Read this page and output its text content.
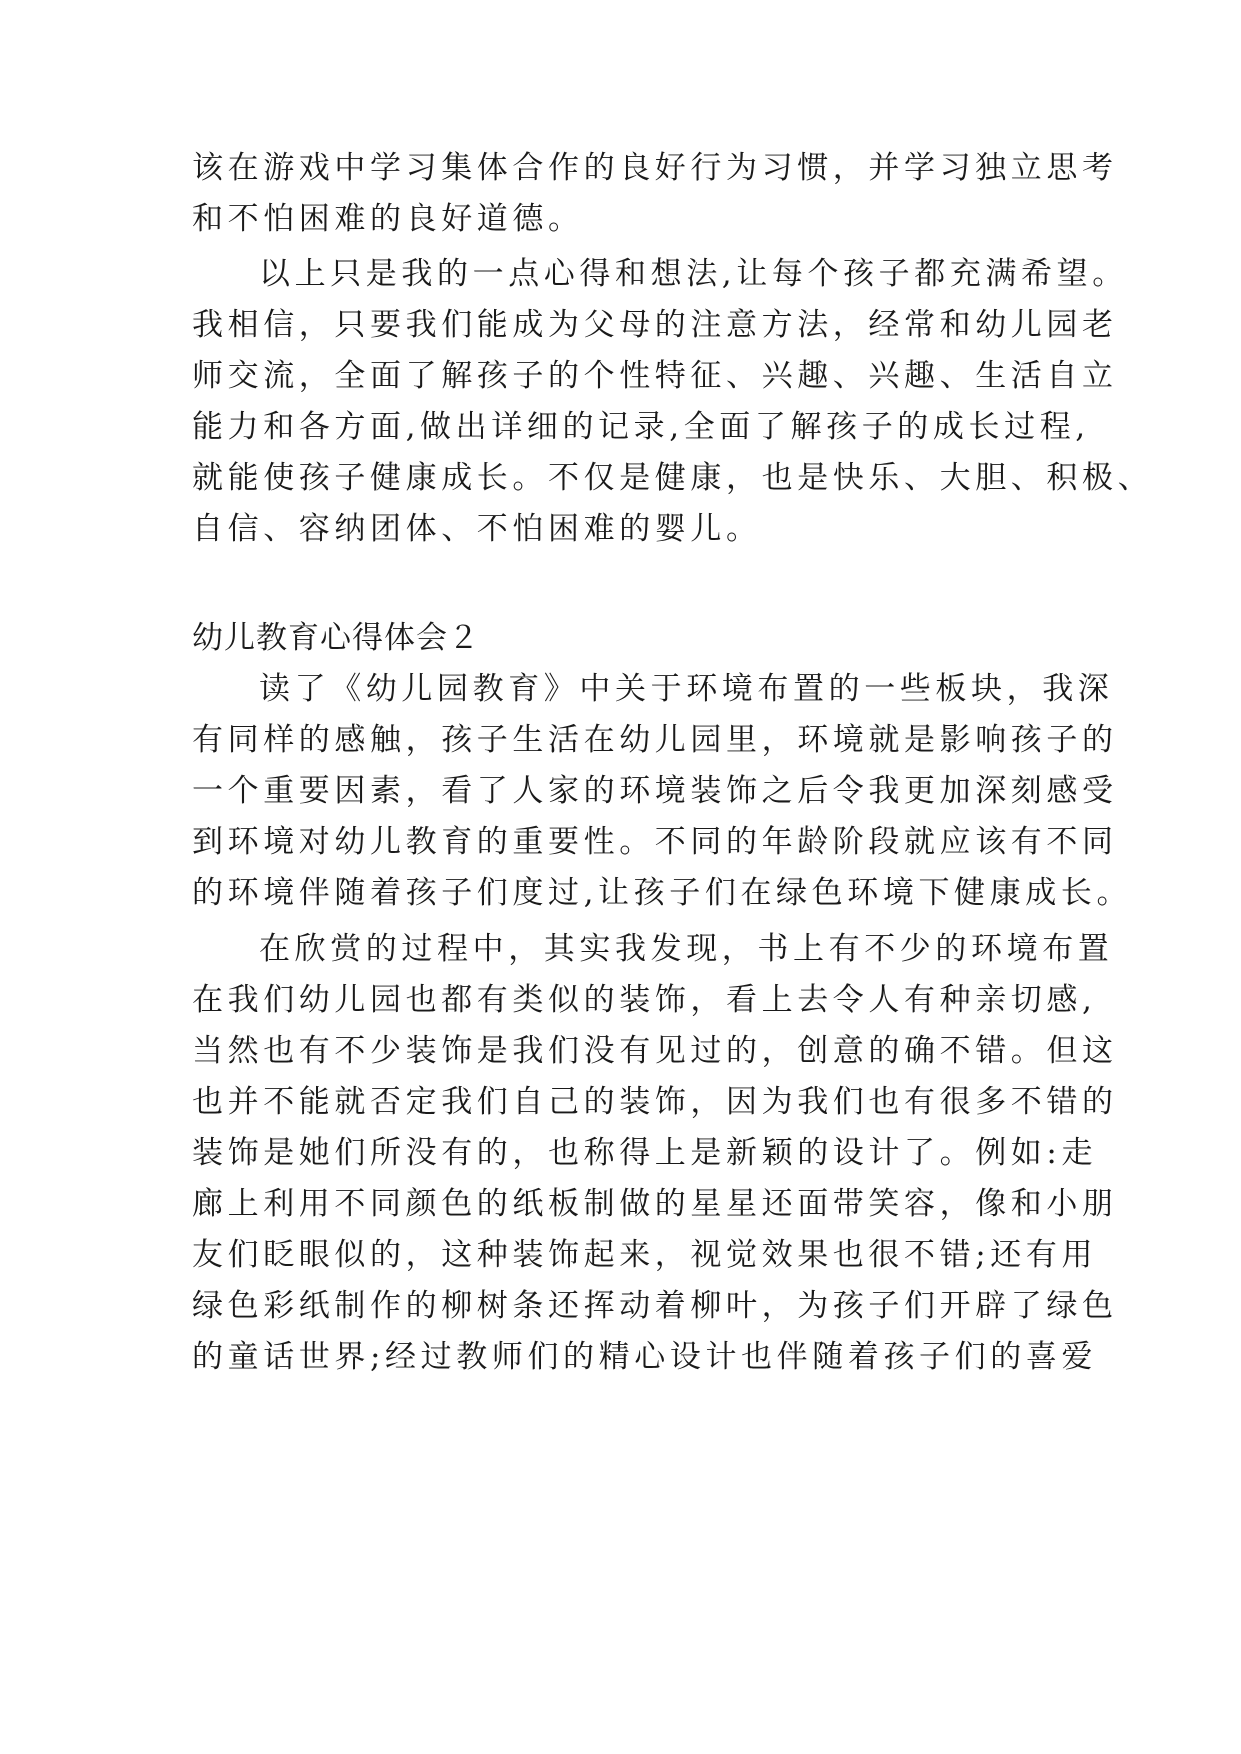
该在游戏中学习集体合作的良好行为习惯，并学习独立思考
和不怕困难的良好道德。
以上只是我的一点心得和想法,让每个孩子都充满希望。
我相信，只要我们能成为父母的注意方法，经常和幼儿园老
师交流，全面了解孩子的个性特征、兴趣、兴趣、生活自立
能力和各方面,做出详细的记录,全面了解孩子的成长过程,
就能使孩子健康成长。不仅是健康，也是快乐、大胆、积极、
自信、容纳团体、不怕困难的婴儿。
幼儿教育心得体会２
读了《幼儿园教育》中关于环境布置的一些板块，我深
有同样的感触，孩子生活在幼儿园里，环境就是影响孩子的
一个重要因素，看了人家的环境装饰之后令我更加深刻感受
到环境对幼儿教育的重要性。不同的年龄阶段就应该有不同
的环境伴随着孩子们度过,让孩子们在绿色环境下健康成长。
在欣赏的过程中，其实我发现，书上有不少的环境布置
在我们幼儿园也都有类似的装饰，看上去令人有种亲切感,
当然也有不少装饰是我们没有见过的，创意的确不错。但这
也并不能就否定我们自己的装饰，因为我们也有很多不错的
装饰是她们所没有的，也称得上是新颖的设计了。例如:走
廊上利用不同颜色的纸板制做的星星还面带笑容，像和小朋
友们眨眼似的，这种装饰起来，视觉效果也很不错;还有用
绿色彩纸制作的柳树条还挥动着柳叶，为孩子们开辟了绿色
的童话世界;经过教师们的精心设计也伴随着孩子们的喜爱
